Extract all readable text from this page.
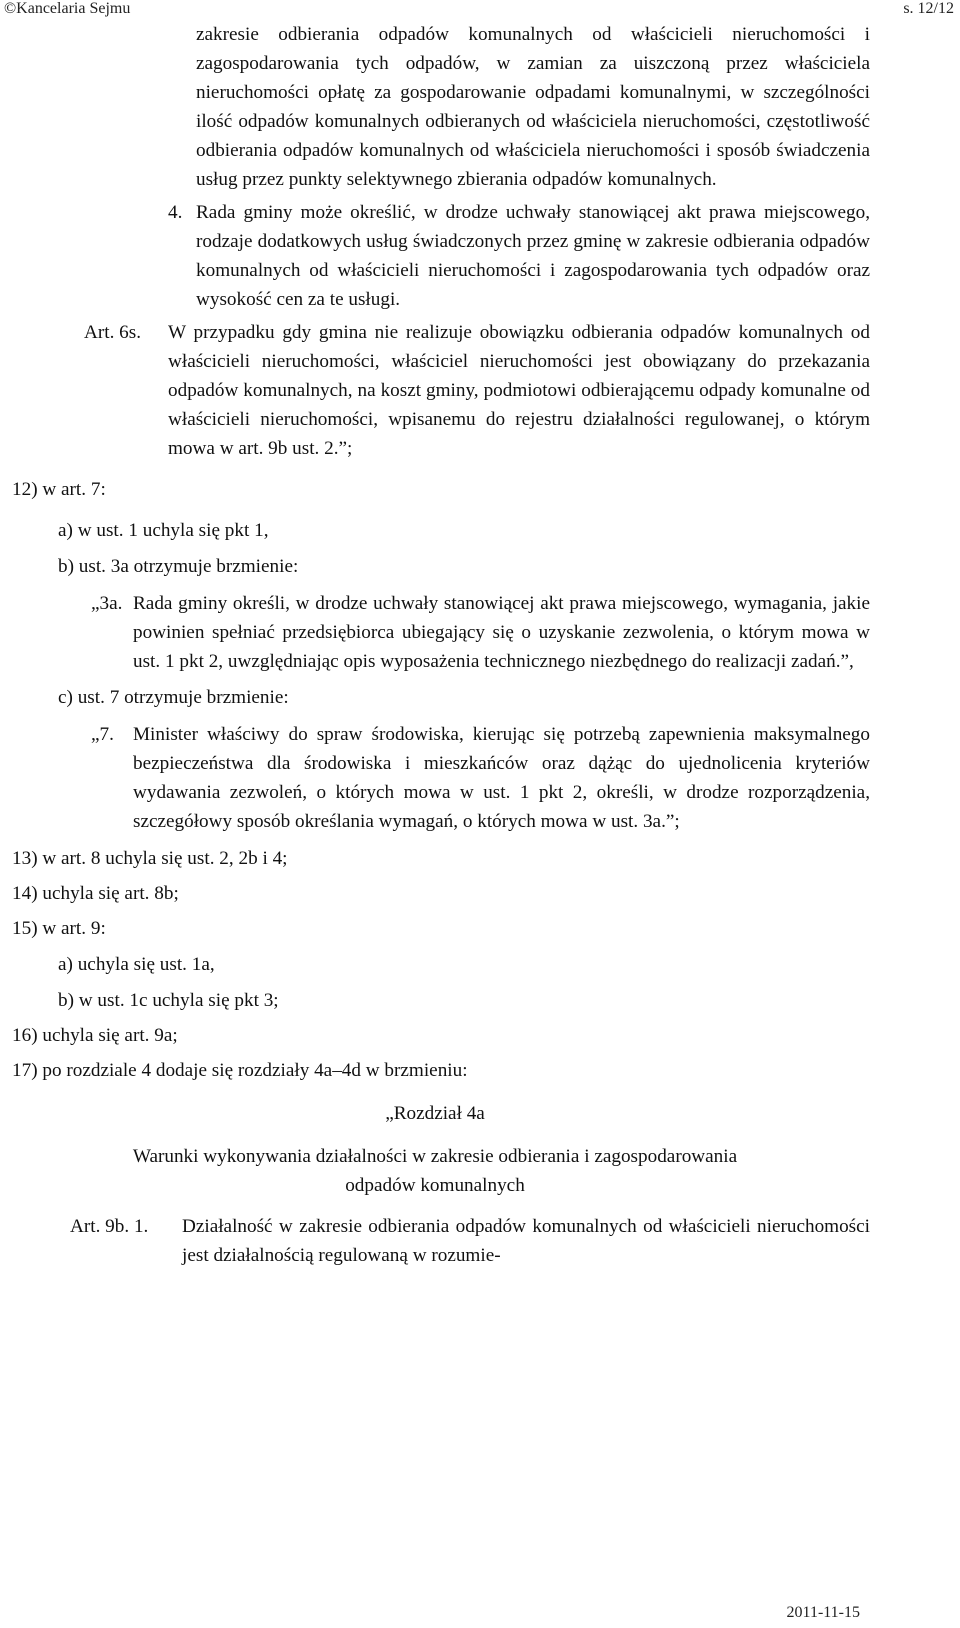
©Kancelaria Sejmu	s. 12/12

zakresie odbierania odpadów komunalnych od właścicieli nieruchomości i zagospodarowania tych odpadów, w zamian za uiszczoną przez właściciela nieruchomości opłatę za gospodarowanie odpadami komunalnymi, w szczególności ilość odpadów komunalnych odbieranych od właściciela nieruchomości, częstotliwość odbierania odpadów komunalnych od właściciela nieruchomości i sposób świadczenia usług przez punkty selektywnego zbierania odpadów komunalnych.

4. Rada gminy może określić, w drodze uchwały stanowiącej akt prawa miejscowego, rodzaje dodatkowych usług świadczonych przez gminę w zakresie odbierania odpadów komunalnych od właścicieli nieruchomości i zagospodarowania tych odpadów oraz wysokość cen za te usługi.

Art. 6s. W przypadku gdy gmina nie realizuje obowiązku odbierania odpadów komunalnych od właścicieli nieruchomości, właściciel nieruchomości jest obowiązany do przekazania odpadów komunalnych, na koszt gminy, podmiotowi odbierającemu odpady komunalne od właścicieli nieruchomości, wpisanemu do rejestru działalności regulowanej, o którym mowa w art. 9b ust. 2.”;

12) w art. 7:

a) w ust. 1 uchyla się pkt 1,

b) ust. 3a otrzymuje brzmienie:

„3a. Rada gminy określi, w drodze uchwały stanowiącej akt prawa miejscowego, wymagania, jakie powinien spełniać przedsiębiorca ubiegający się o uzyskanie zezwolenia, o którym mowa w ust. 1 pkt 2, uwzględniając opis wyposażenia technicznego niezbędnego do realizacji zadań.”,

c) ust. 7 otrzymuje brzmienie:

„7. Minister właściwy do spraw środowiska, kierując się potrzebą zapewnienia maksymalnego bezpieczeństwa dla środowiska i mieszkańców oraz dążąc do ujednolicenia kryteriów wydawania zezwoleń, o których mowa w ust. 1 pkt 2, określi, w drodze rozporządzenia, szczegółowy sposób określania wymagań, o których mowa w ust. 3a.”;

13) w art. 8 uchyla się ust. 2, 2b i 4;

14) uchyla się art. 8b;

15) w art. 9:

a) uchyla się ust. 1a,

b) w ust. 1c uchyla się pkt 3;

16) uchyla się art. 9a;

17) po rozdziale 4 dodaje się rozdziały 4a–4d w brzmieniu:

„Rozdział 4a

Warunki wykonywania działalności w zakresie odbierania i zagospodarowania
odpadów komunalnych
Art. 9b. 1. Działalność w zakresie odbierania odpadów komunalnych od właścicieli nieruchomości jest działalnością regulowaną w rozumie-
2011-11-15
